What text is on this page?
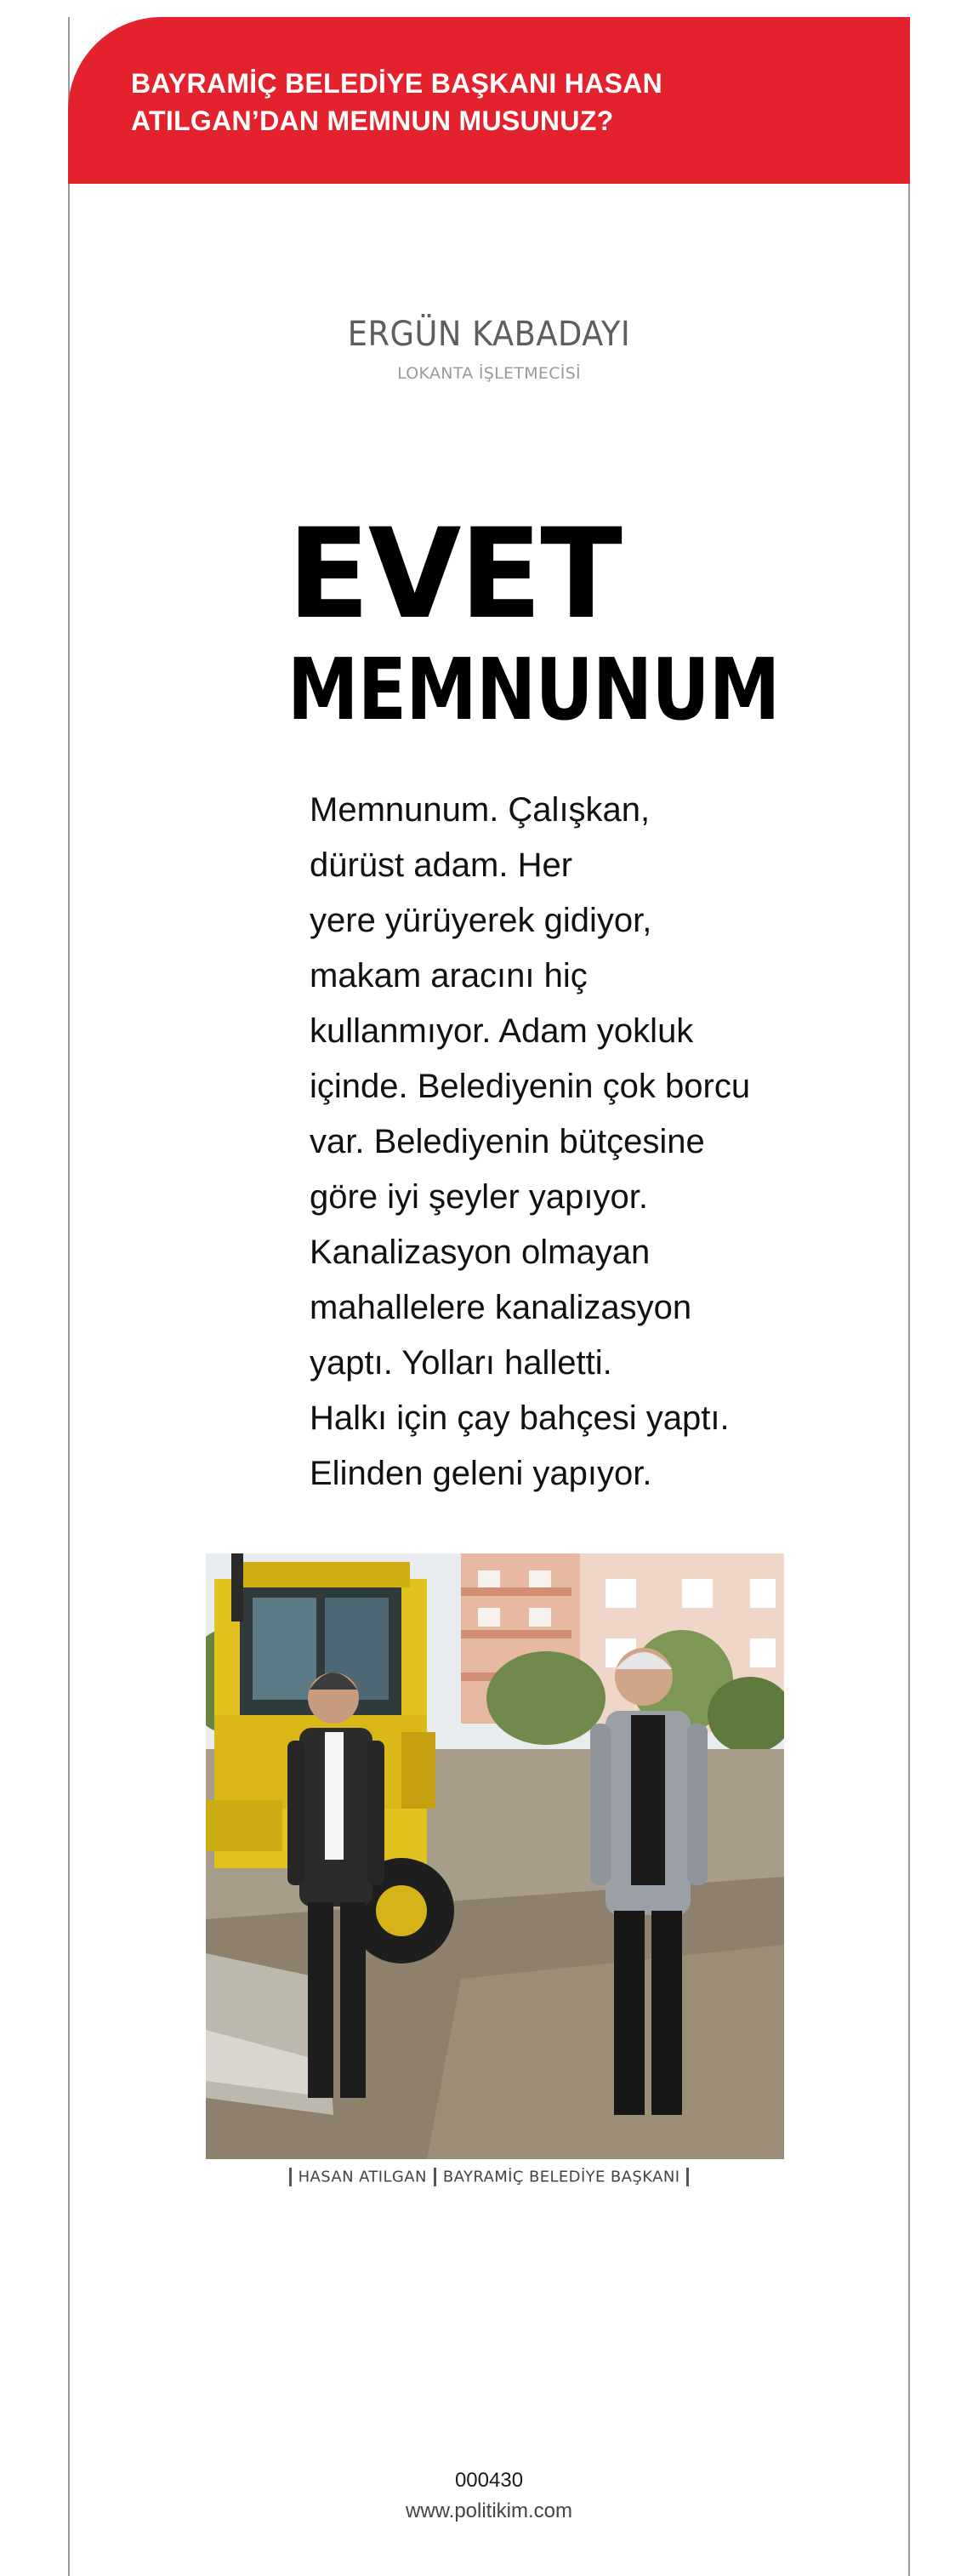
BAYRAMİÇ BELEDİYE BAŞKANI HASAN ATILGAN’DAN MEMNUN MUSUNUZ?
ERGÜN KABADAYI
LOKANTA İŞLETMECİSİ
EVET
MEMNUNUM
Memnunum. Çalışkan,
dürüst adam. Her
yere yürüyerek gidiyor,
makam aracını hiç
kullanmıyor. Adam yokluk
içinde. Belediyenin çok borcu
var. Belediyenin bütçesine
göre iyi şeyler yapıyor.
Kanalizasyon olmayan
mahallelere kanalizasyon
yaptı. Yolları halletti.
Halkı için çay bahçesi yaptı.
Elinden geleni yapıyor.
HASAN ATILGAN BAYRAMİÇ BELEDİYE BAŞKANI
000430
www.politikim.com
